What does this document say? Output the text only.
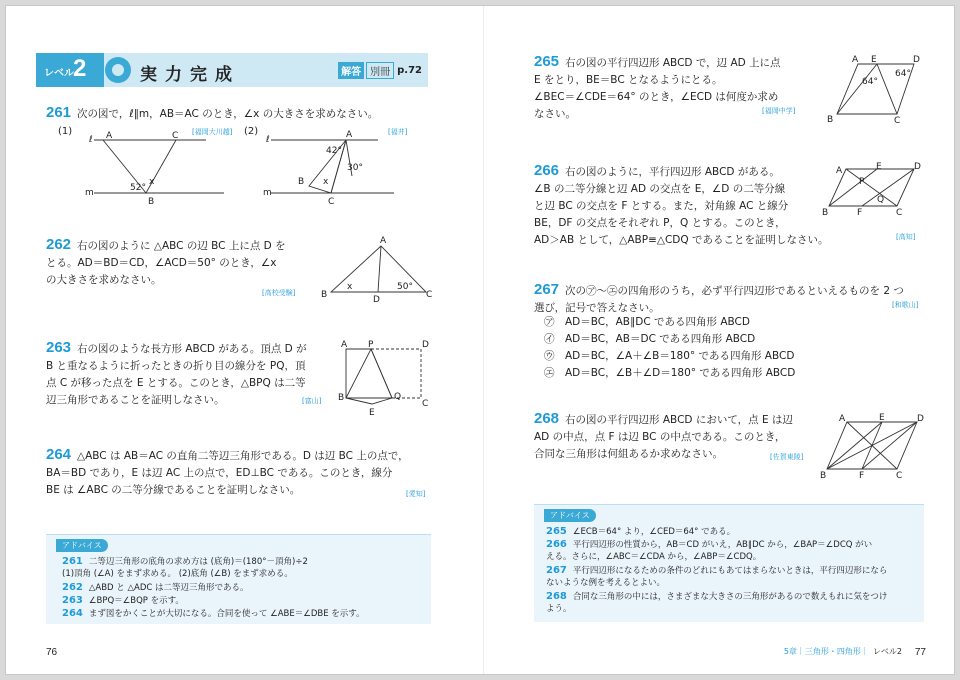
レベル 2	実力完成	解答 別冊 p.72
261 次の図で，ℓ∥m，AB＝AC のとき，∠x の大きさを求めなさい。
(1)	(2)
[福岡大川越]	[福井]
ℓ
m
A	C
B
x
52°
ℓ
m
A
B
C
x
42°
30°
262 右の図のように △ABC の辺 BC 上に点 D を
とる。AD＝BD＝CD，∠ACD＝50° のとき，∠x
の大きさを求めなさい。
[高校受験]
A
B	C
D
x	50°
263 右の図のような長方形 ABCD がある。頂点 D が
B と重なるように折ったときの折り目の線分を PQ，頂
点 C が移った点を E とする。このとき，△BPQ は二等
辺三角形であることを証明しなさい。	[富山]
A P	D
B	Q
C
E
264 △ABC は AB＝AC の直角二等辺三角形である。D は辺 BC 上の点で，
BA＝BD であり，E は辺 AC 上の点で，ED⊥BC である。このとき，線分
BE は ∠ABC の二等分線であることを証明しなさい。	[愛知]
アドバイス
261 二等辺三角形の底角の求め方は (底角)＝(180°－頂角)÷2
(1)頂角 (∠A) をまず求める。 (2)底角 (∠B) をまず求める。
262 △ABD と △ADC は二等辺三角形である。
263 ∠BPQ＝∠BQP を示す。
264 まず図をかくことが大切になる。合同を使って ∠ABE＝∠DBE を示す。
76
265 右の図の平行四辺形 ABCD で，辺 AD 上に点
E をとり，BE＝BC となるようにとる。
∠BEC＝∠CDE＝64° のとき，∠ECD は何度か求め
なさい。	[福岡中学]
A E	D
B	C
64°
64°
266 右の図のように，平行四辺形 ABCD がある。
∠B の二等分線と辺 AD の交点を E，∠D の二等分線
と辺 BC の交点を F とする。また，対角線 AC と線分
BE，DF の交点をそれぞれ P，Q とする。このとき，
AD＞AB として，△ABP≡△CDQ であることを証明しなさい。	[高知]
A	E	D
P
Q
B	F	C
267 次の㋐～㋓の四角形のうち，必ず平行四辺形であるといえるものを 2 つ
選び，記号で答えなさい。	[和歌山]
㋐　AD＝BC，AB∥DC である四角形 ABCD
㋑　AD＝BC，AB＝DC である四角形 ABCD
㋒　AD＝BC，∠A＋∠B＝180° である四角形 ABCD
㋓　AD＝BC，∠B＋∠D＝180° である四角形 ABCD
268 右の図の平行四辺形 ABCD において，点 E は辺
AD の中点，点 F は辺 BC の中点である。このとき，
合同な三角形は何組あるか求めなさい。	[佐賀東陵]
A	E	D
B	F	C
アドバイス
265 ∠ECB＝64° より，∠CED＝64° である。
266 平行四辺形の性質から，AB＝CD がいえ，AB∥DC から，∠BAP＝∠DCQ がい
える。さらに，∠ABC＝∠CDA から，∠ABP＝∠CDQ。
267 平行四辺形になるための条件のどれにもあてはまらないときは，平行四辺形になら
ないような例を考えるとよい。
268 合同な三角形の中には，さまざまな大きさの三角形があるので数えもれに気をつけ
よう。
5章｜三角形・四角形｜ レベル2 77
